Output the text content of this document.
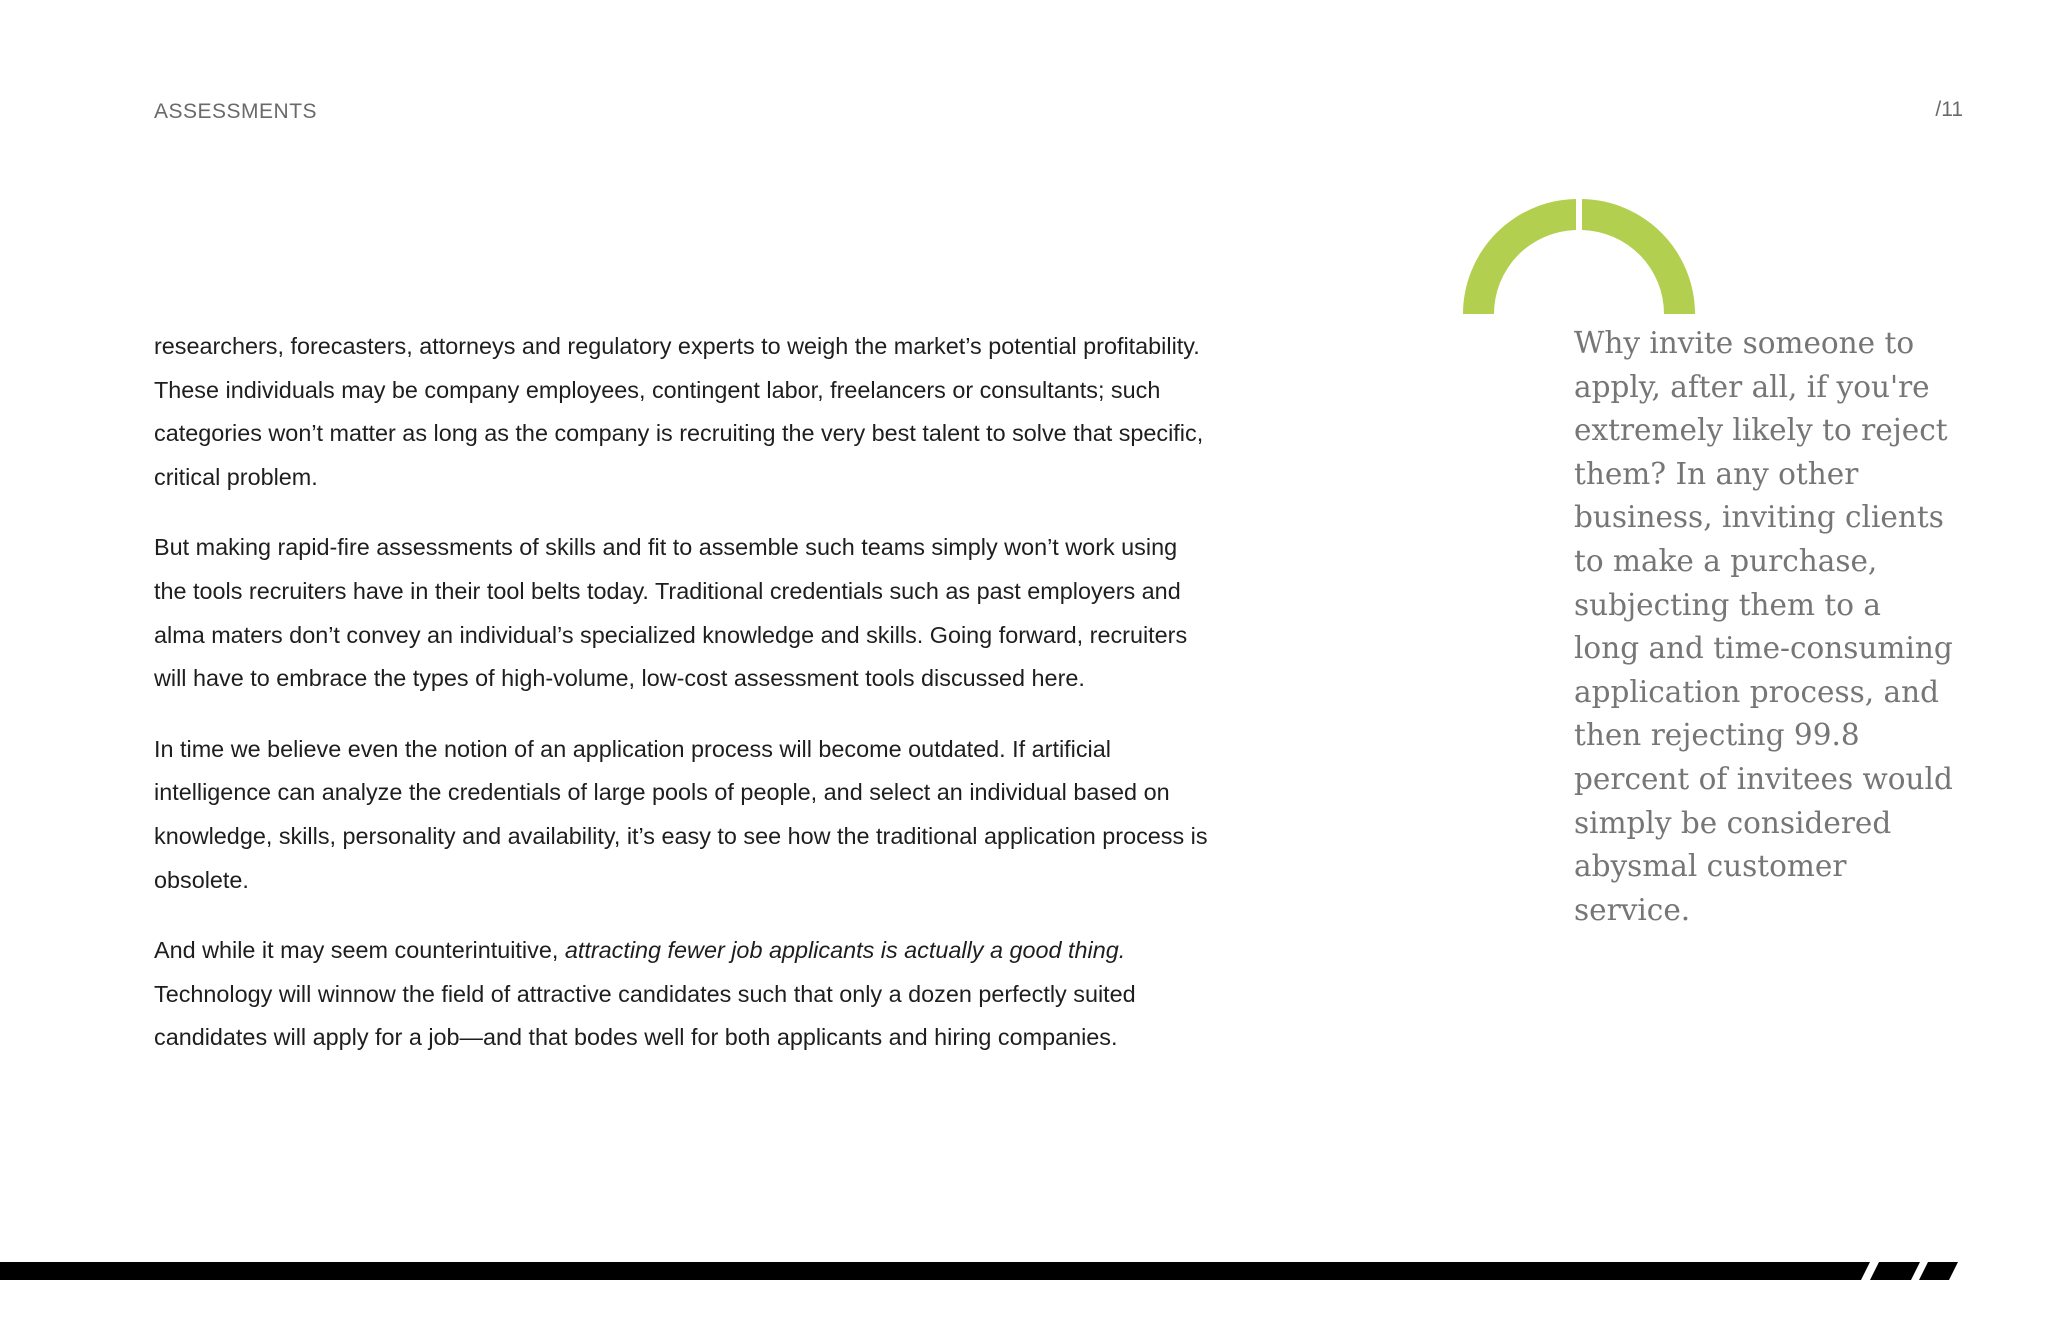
ASSESSMENTS	/11

researchers, forecasters, attorneys and regulatory experts to weigh the market’s potential profitability. These individuals may be company employees, contingent labor, freelancers or consultants; such categories won’t matter as long as the company is recruiting the very best talent to solve that specific, critical problem.

But making rapid-fire assessments of skills and fit to assemble such teams simply won’t work using the tools recruiters have in their tool belts today. Traditional credentials such as past employers and alma maters don’t convey an individual’s specialized knowledge and skills. Going forward, recruiters will have to embrace the types of high-volume, low-cost assessment tools discussed here.

In time we believe even the notion of an application process will become outdated. If artificial intelligence can analyze the credentials of large pools of people, and select an individual based on knowledge, skills, personality and availability, it’s easy to see how the traditional application process is obsolete.

And while it may seem counterintuitive, attracting fewer job applicants is actually a good thing. Technology will winnow the field of attractive candidates such that only a dozen perfectly suited candidates will apply for a job—and that bodes well for both applicants and hiring companies.

Why invite someone to apply, after all, if you're extremely likely to reject them? In any other business, inviting clients to make a purchase, subjecting them to a long and time-consuming application process, and then rejecting 99.8 percent of invitees would simply be considered abysmal customer service.
